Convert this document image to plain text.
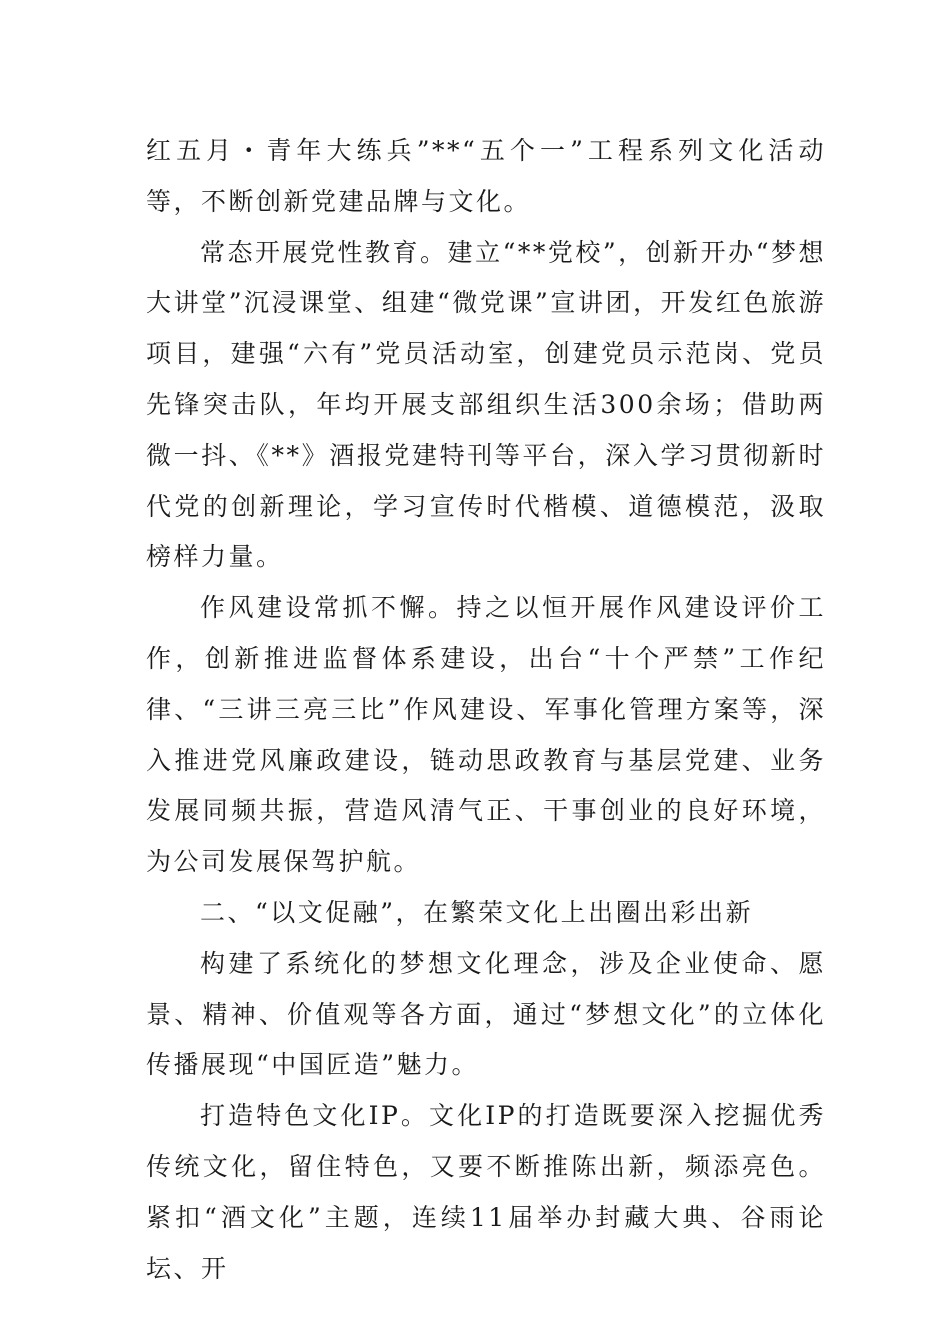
红五月・青年大练兵”**“五个一”工程系列文化活动等，不断创新党建品牌与文化。

常态开展党性教育。建立“**党校”，创新开办“梦想大讲堂”沉浸课堂、组建“微党课”宣讲团，开发红色旅游项目，建强“六有”党员活动室，创建党员示范岗、党员先锋突击队，年均开展支部组织生活300余场；借助两微一抖、《**》酒报党建特刊等平台，深入学习贯彻新时代党的创新理论，学习宣传时代楷模、道德模范，汲取榜样力量。

作风建设常抓不懈。持之以恒开展作风建设评价工作，创新推进监督体系建设，出台“十个严禁”工作纪律、“三讲三亮三比”作风建设、军事化管理方案等，深入推进党风廉政建设，链动思政教育与基层党建、业务发展同频共振，营造风清气正、干事创业的良好环境，为公司发展保驾护航。

二、“以文促融”，在繁荣文化上出圈出彩出新

构建了系统化的梦想文化理念，涉及企业使命、愿景、精神、价值观等各方面，通过“梦想文化”的立体化传播展现“中国匠造”魅力。

打造特色文化IP。文化IP的打造既要深入挖掘优秀传统文化，留住特色，又要不断推陈出新，频添亮色。紧扣“酒文化”主题，连续11届举办封藏大典、谷雨论坛、开
